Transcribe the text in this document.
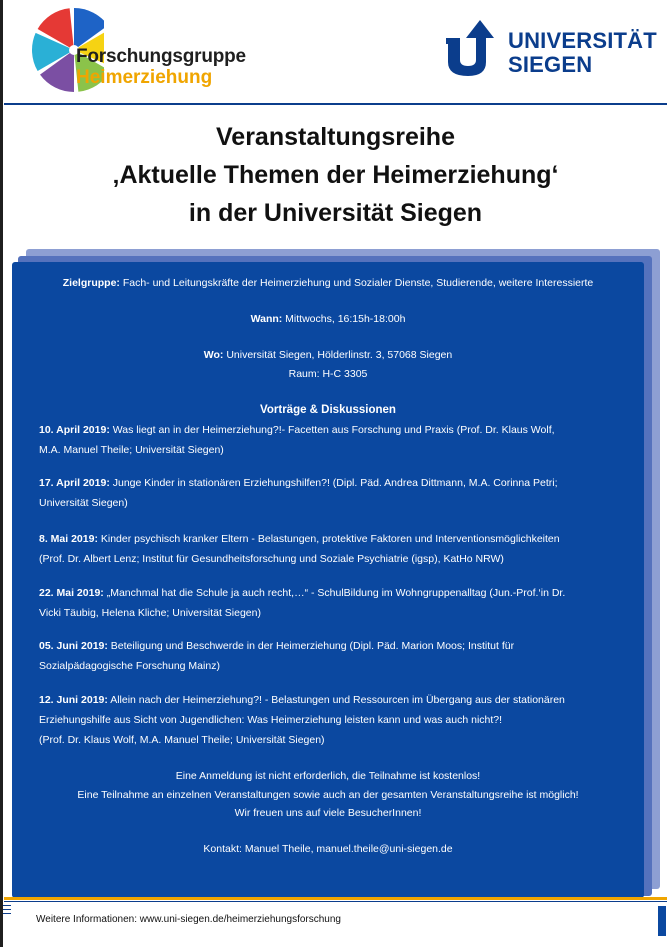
Forschungsgruppe
Heimerziehung
UNIVERSITÄT
SIEGEN
Veranstaltungsreihe
‚Aktuelle Themen der Heimerziehung‘
in der Universität Siegen
Zielgruppe: Fach- und Leitungskräfte der Heimerziehung und Sozialer Dienste, Studierende, weitere Interessierte
Wann: Mittwochs, 16:15h-18:00h
Wo: Universität Siegen, Hölderlinstr. 3, 57068 Siegen
Raum: H-C 3305
Vorträge & Diskussionen
10. April 2019: Was liegt an in der Heimerziehung?!- Facetten aus Forschung und Praxis (Prof. Dr. Klaus Wolf,
M.A. Manuel Theile; Universität Siegen)
17. April 2019: Junge Kinder in stationären Erziehungshilfen?! (Dipl. Päd. Andrea Dittmann, M.A. Corinna Petri;
Universität Siegen)
8. Mai 2019: Kinder psychisch kranker Eltern - Belastungen, protektive Faktoren und Interventionsmöglichkeiten
(Prof. Dr. Albert Lenz; Institut für Gesundheitsforschung und Soziale Psychiatrie (igsp), KatHo NRW)
22. Mai 2019: „Manchmal hat die Schule ja auch recht,…“ - SchulBildung im Wohngruppenalltag (Jun.-Prof.‘in Dr.
Vicki Täubig, Helena Kliche; Universität Siegen)
05. Juni 2019: Beteiligung und Beschwerde in der Heimerziehung (Dipl. Päd. Marion Moos; Institut für
Sozialpädagogische Forschung Mainz)
12. Juni 2019: Allein nach der Heimerziehung?! - Belastungen und Ressourcen im Übergang aus der stationären
Erziehungshilfe aus Sicht von Jugendlichen: Was Heimerziehung leisten kann und was auch nicht?!
(Prof. Dr. Klaus Wolf, M.A. Manuel Theile; Universität Siegen)
Eine Anmeldung ist nicht erforderlich, die Teilnahme ist kostenlos!
Eine Teilnahme an einzelnen Veranstaltungen sowie auch an der gesamten Veranstaltungsreihe ist möglich!
Wir freuen uns auf viele BesucherInnen!
Kontakt: Manuel Theile, manuel.theile@uni-siegen.de
Weitere Informationen: www.uni-siegen.de/heimerziehungsforschung
